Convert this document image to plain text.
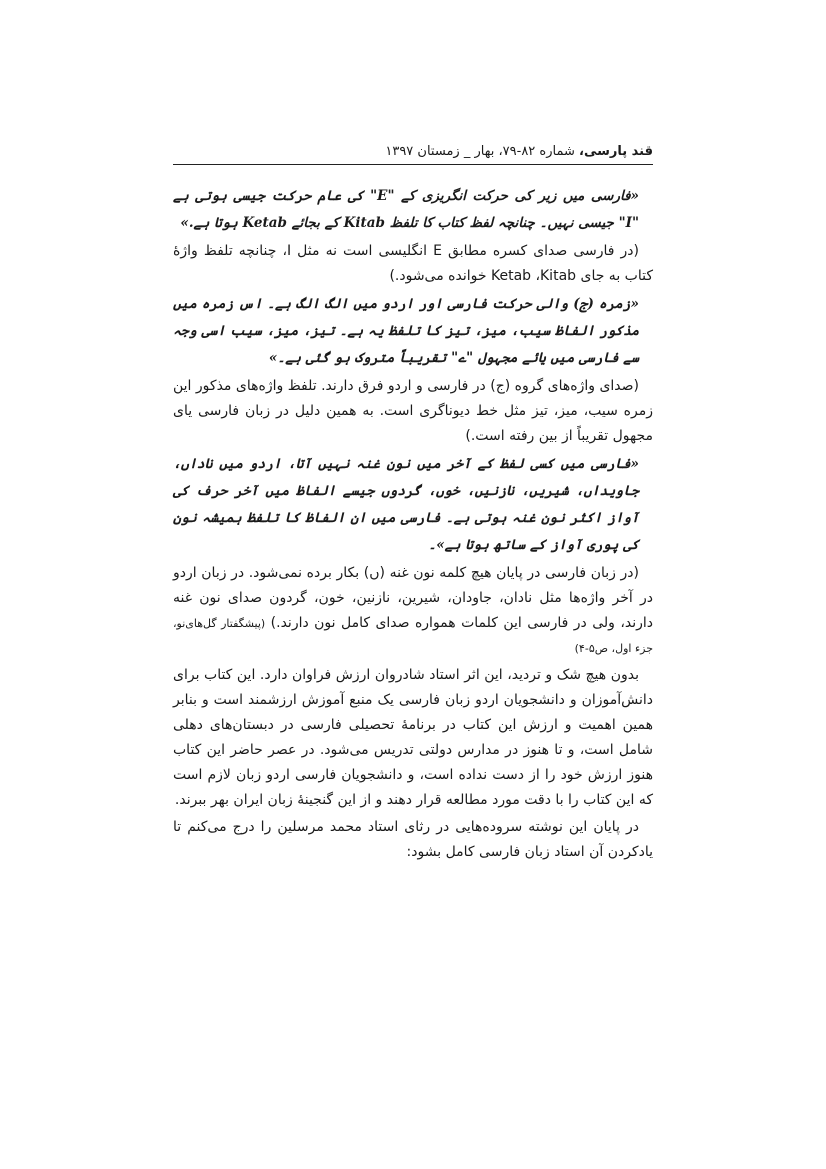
قند پارسی، شماره ۸۲-۷۹، بهار _ زمستان ۱۳۹۷

«فارسی میں زیر کی حرکت انگریزی کے "E" کی عام حرکت جیسی ہوتی ہے "I" جیسی نہیں۔ چنانچہ لفظ کتاب کا تلفظ Kitab کے بجائے Ketab ہوتا ہے.»

(در فارسی صدای کسره مطابق E انگلیسی است نه مثل I، چنانچه تلفظ واژهٔ کتاب به جای Ketab ،Kitab خوانده می‌شود.)

«زمرہ (ج) والی حرکت فارسی اور اردو میں الگ الگ ہے۔ اس زمرہ میں مذکور الفاظ سیب، میز، تیز کا تلفظ یہ ہے۔ تیز، میز، سیب اسی وجہ سے فارسی میں یائے مجہول "ے" تقریباً متروک ہو گئی ہے۔»

(صدای واژه‌های گروه (ج) در فارسی و اردو فرق دارند. تلفظ واژه‌های مذکور این زمره سیب، میز، تیز مثل خط دیوناگری است. به همین دلیل در زبان فارسی یای مجهول تقریباً از بین رفته است.)

«فارسی میں کسی لفظ کے آخر میں نون غنہ نہیں آتا، اردو میں ناداں، جاویداں، شیریں، نازنیں، خوں، گردوں جیسے الفاظ میں آخر حرف کی آواز اکثر نون غنہ ہوتی ہے۔ فارسی میں ان الفاظ کا تلفظ ہمیشہ نون کی پوری آواز کے ساتھ ہوتا ہے»۔

(در زبان فارسی در پایان هیچ کلمه نون غنه (ں) بکار برده نمی‌شود. در زبان اردو در آخر واژه‌ها مثل نادان، جاودان، شیرین، نازنین، خون، گردون صدای نون غنه دارند، ولی در فارسی این کلمات همواره صدای کامل نون دارند.) (پیشگفتار گل‌های‌نو، جزء اول، ص۵-۴)

بدون هیچ شک و تردید، این اثر استاد شادروان ارزش فراوان دارد. این کتاب برای دانش‌آموزان و دانشجویان اردو زبان فارسی یک منبع آموزش ارزشمند است و بنابر همین اهمیت و ارزش این کتاب در برنامهٔ تحصیلی فارسی در دبستان‌های دهلی شامل است، و تا هنوز در مدارس دولتی تدریس می‌شود. در عصر حاضر این کتاب هنوز ارزش خود را از دست نداده است، و دانشجویان فارسی اردو زبان لازم است که این کتاب را با دقت مورد مطالعه قرار دهند و از این گنجینهٔ زبان ایران بهر ببرند.

در پایان این نوشته سروده‌هایی در رثای استاد محمد مرسلین را درج می‌کنم تا یادکردن آن استاد زبان فارسی کامل بشود:
